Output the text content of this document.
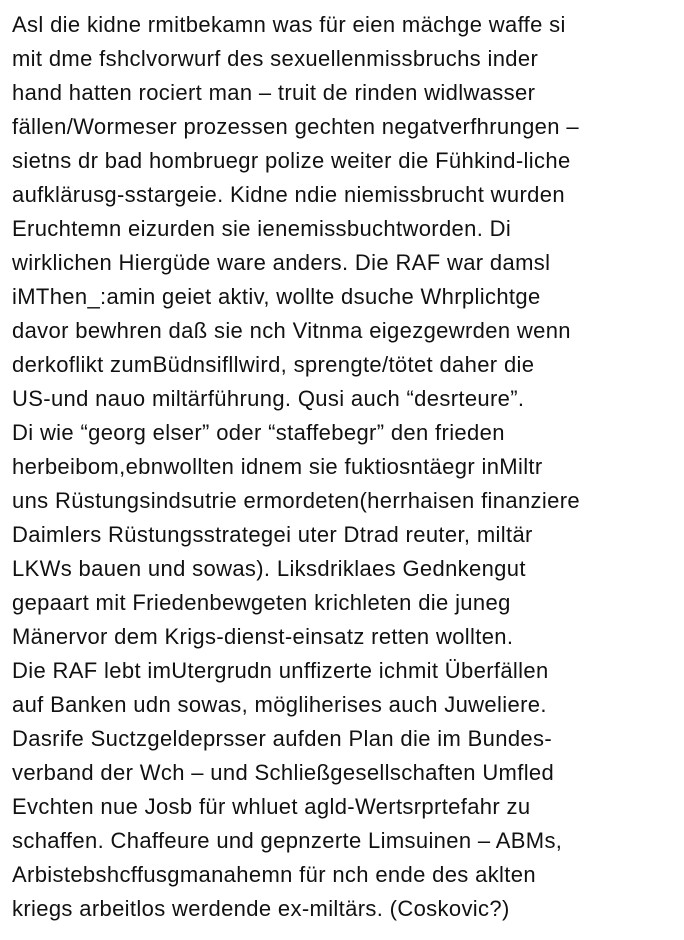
Asl die kidne rmitbekamn was für eien mächge waffe si
mit dme fshclvorwurf des sexuellenmissbruchs inder
hand hatten rociert man – truit de rinden widlwasser
fällen/Wormeser prozessen gechten negatverfhrungen –
sietns dr bad hombruegr polize weiter die Fühkind-liche
aufklärusg-sstargeie. Kidne ndie niemissbrucht wurden
Eruchtemn eizurden sie ienemissbuchtworden. Di
wirklichen Hiergüde ware anders. Die RAF war damsl
iMThen_:amin geiet aktiv, wollte dsuche Whrplichtge
davor bewhren daß sie nch Vitnma eigezgewrden wenn
derkoflikt zumBüdnsifllwird, sprengte/tötet daher die
US-und nauo miltärführung. Qusi auch “desrteure”.
Di wie “georg elser” oder “staffebegr” den frieden
herbeibom,ebnwollten idnem sie fuktiosntäegr inMiltr
uns Rüstungsindsutrie ermordeten(herrhaisen finanziere
Daimlers Rüstungsstrategei uter Dtrad reuter, miltär
LKWs bauen und sowas). Liksdriklaes Gednkengut
gepaart mit Friedenbewgeten krichleten die juneg
Mänervor dem Krigs-dienst-einsatz retten wollten.
Die RAF lebt imUtergrudn unffizerte ichmit Überfällen
auf Banken udn sowas, mögliherises auch Juweliere.
Dasrife Suctzgeldeprsser aufden Plan die im Bundes-
verband der Wch – und Schließgesellschaften Umfled
Evchten nue Josb für whluet agld-Wertsrprtefahr zu
schaffen. Chaffeure und gepnzerte Limsuinen – ABMs,
Arbistebshcffusgmanahemn für nch ende des aklten
kriegs arbeitlos werdende ex-miltärs. (Coskovic?)
